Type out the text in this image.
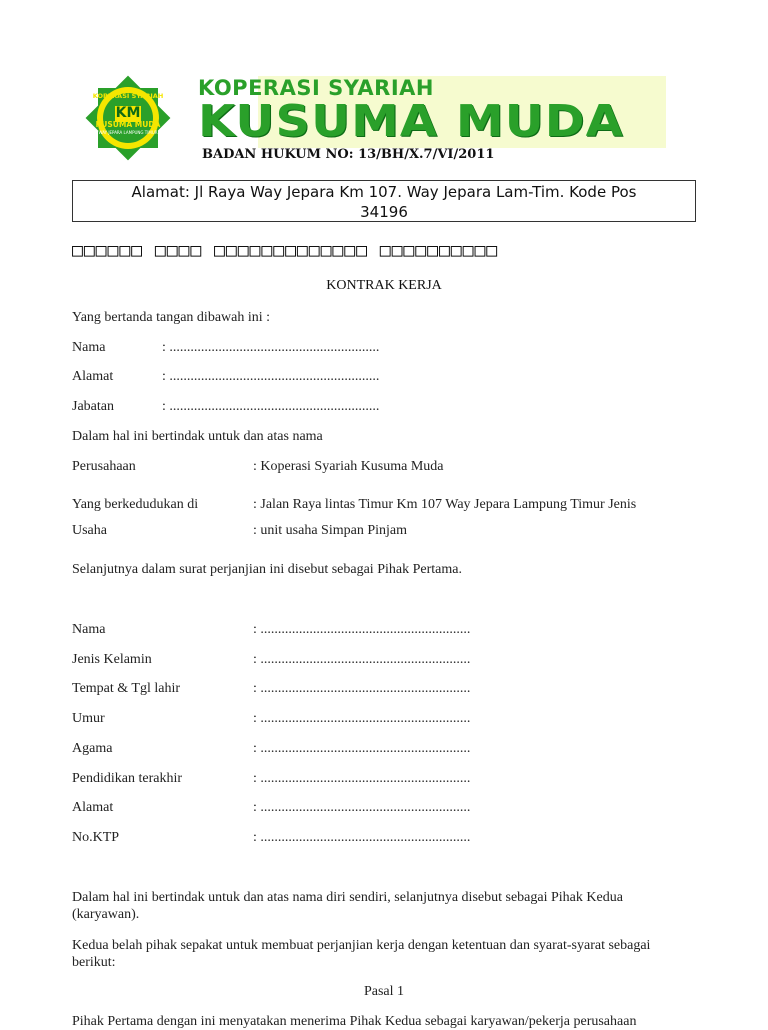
KM
KOPERASI SYARIAH
KUSUMA MUDA
WAY JEPARA LAMPUNG TIMUR
KOPERASI SYARIAH
KUSUMA MUDA
BADAN HUKUM NO: 13/BH/X.7/VI/2011
Alamat: Jl Raya Way Jepara Km 107. Way Jepara Lam-Tim. Kode Pos
34196
□□□□□□ □□□□ □□□□□□□□□□□□□ □□□□□□□□□□
KONTRAK KERJA
Yang bertanda tangan dibawah ini :
Nama	: ............................................................
Alamat	: ............................................................
Jabatan	: ............................................................
Dalam hal ini bertindak untuk dan atas nama
Perusahaan	: Koperasi Syariah Kusuma Muda
Yang berkedudukan di	: Jalan Raya lintas Timur Km 107 Way Jepara Lampung Timur Jenis
Usaha	: unit usaha Simpan Pinjam
Selanjutnya dalam surat perjanjian ini disebut sebagai Pihak Pertama.
Nama	: ............................................................
Jenis Kelamin	: ............................................................
Tempat & Tgl lahir	: ............................................................
Umur	: ............................................................
Agama	: ............................................................
Pendidikan terakhir	: ............................................................
Alamat	: ............................................................
No.KTP	: ............................................................
Dalam hal ini bertindak untuk dan atas nama diri sendiri, selanjutnya disebut sebagai Pihak Kedua (karyawan).
Kedua belah pihak sepakat untuk membuat perjanjian kerja dengan ketentuan dan syarat-syarat sebagai berikut:
Pasal 1
Pihak Pertama dengan ini menyatakan menerima Pihak Kedua sebagai karyawan/pekerja perusahaan
